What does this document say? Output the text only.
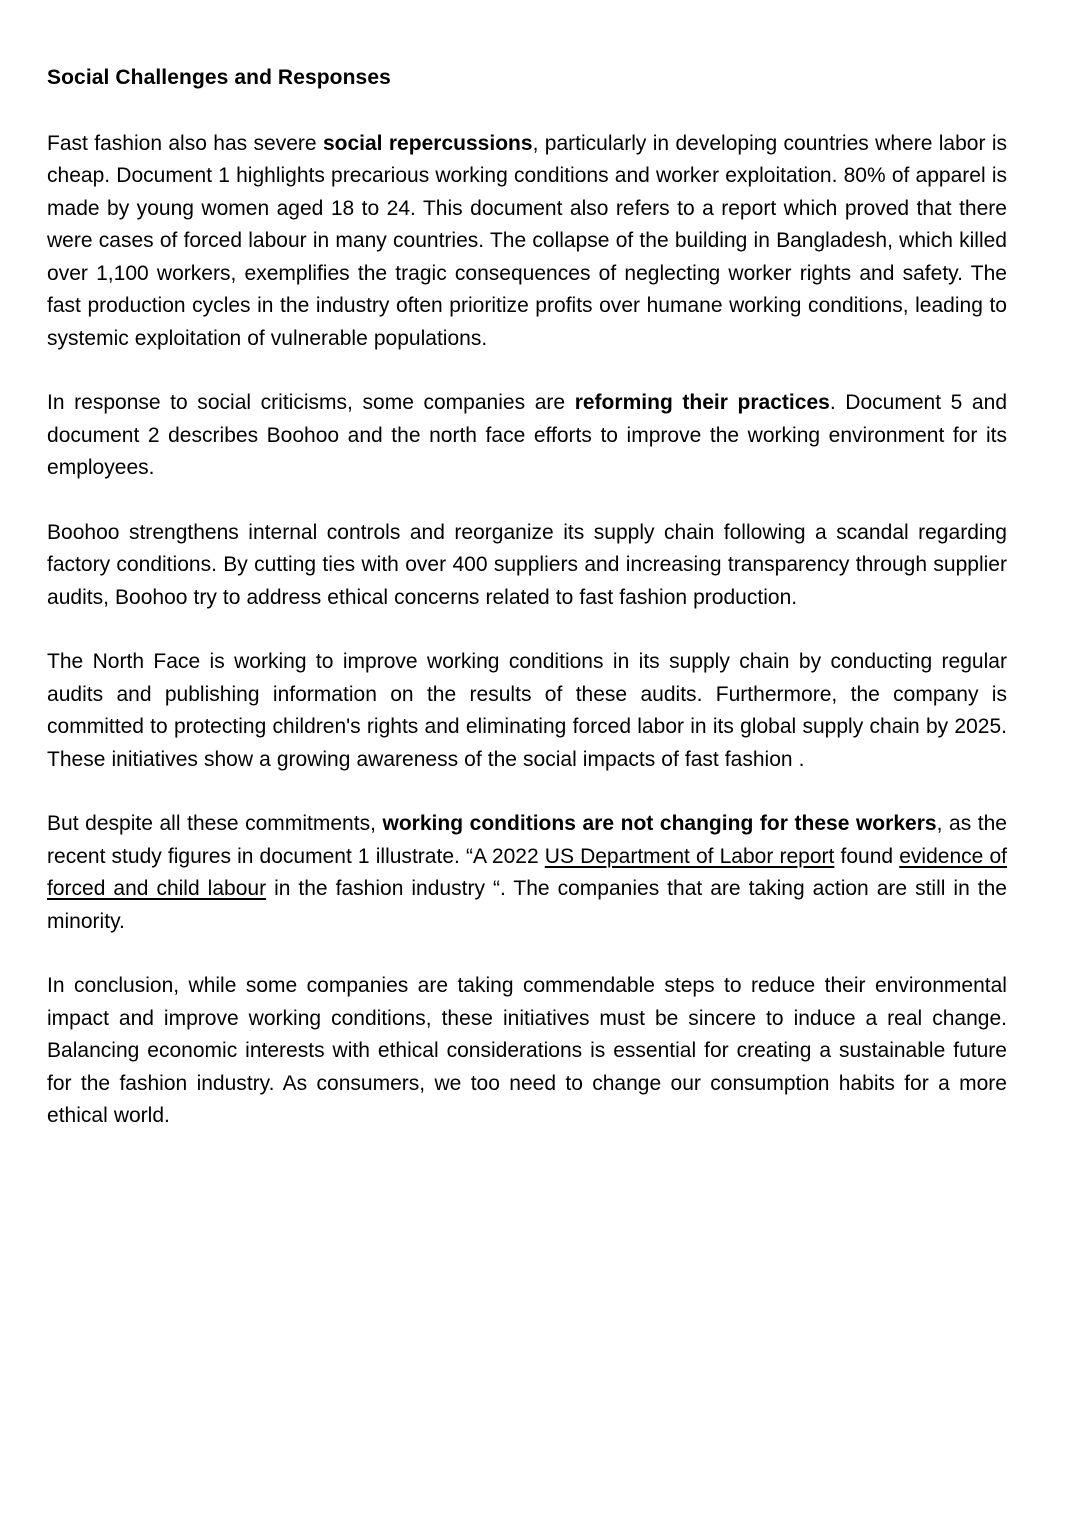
Social Challenges and Responses

Fast fashion also has severe social repercussions, particularly in developing countries where labor is cheap. Document 1 highlights precarious working conditions and worker exploitation. 80% of apparel is made by young women aged 18 to 24. This document also refers to a report which proved that there were cases of forced labour in many countries. The collapse of the building in Bangladesh, which killed over 1,100 workers, exemplifies the tragic consequences of neglecting worker rights and safety. The fast production cycles in the industry often prioritize profits over humane working conditions, leading to systemic exploitation of vulnerable populations.

In response to social criticisms, some companies are reforming their practices. Document 5 and document 2 describes Boohoo and the north face efforts to improve the working environment for its employees.

Boohoo strengthens internal controls and reorganize its supply chain following a scandal regarding factory conditions. By cutting ties with over 400 suppliers and increasing transparency through supplier audits, Boohoo try to address ethical concerns related to fast fashion production.

The North Face is working to improve working conditions in its supply chain by conducting regular audits and publishing information on the results of these audits. Furthermore, the company is committed to protecting children's rights and eliminating forced labor in its global supply chain by 2025. These initiatives show a growing awareness of the social impacts of fast fashion .

But despite all these commitments, working conditions are not changing for these workers, as the recent study figures in document 1 illustrate. “A 2022 US Department of Labor report found evidence of forced and child labour in the fashion industry “. The companies that are taking action are still in the minority.

In conclusion, while some companies are taking commendable steps to reduce their environmental impact and improve working conditions, these initiatives must be sincere to induce a real change. Balancing economic interests with ethical considerations is essential for creating a sustainable future for the fashion industry. As consumers, we too need to change our consumption habits for a more ethical world.
